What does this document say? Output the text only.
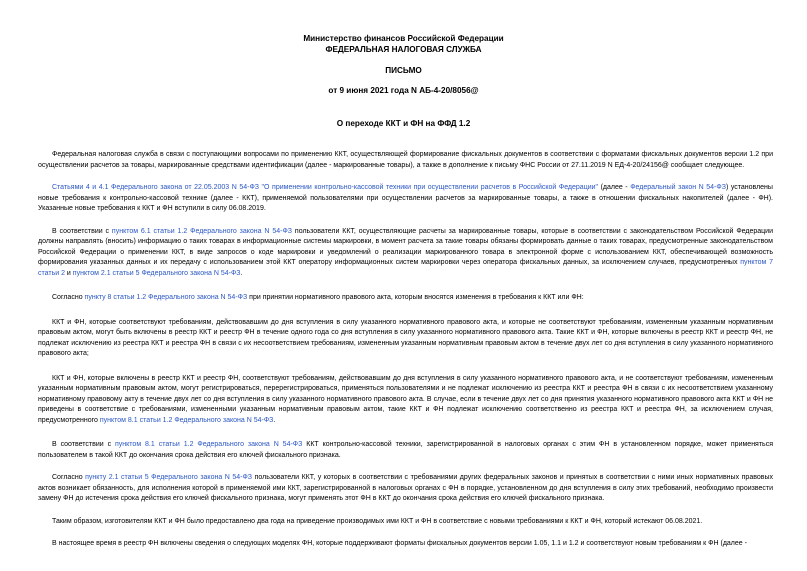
Министерство финансов Российской Федерации
ФЕДЕРАЛЬНАЯ НАЛОГОВАЯ СЛУЖБА
ПИСЬМО
от 9 июня 2021 года N АБ-4-20/8056@
О переходе ККТ и ФН на ФФД 1.2

Федеральная налоговая служба в связи с поступающими вопросами по применению ККТ, осуществляющей формирование фискальных документов в соответствии с форматами фискальных документов версии 1.2 при осуществлении расчетов за товары, маркированные средствами идентификации (далее - маркированные товары), а также в дополнение к письму ФНС России от 27.11.2019 N ЕД-4-20/24156@ сообщает следующее.

Статьями 4 и 4.1 Федерального закона от 22.05.2003 N 54-ФЗ "О применении контрольно-кассовой техники при осуществлении расчетов в Российской Федерации" (далее - Федеральный закон N 54-ФЗ) установлены новые требования к контрольно-кассовой технике (далее - ККТ), применяемой пользователями при осуществлении расчетов за маркированные товары, а также в отношении фискальных накопителей (далее - ФН). Указанные новые требования к ККТ и ФН вступили в силу 06.08.2019.

В соответствии с пунктом 6.1 статьи 1.2 Федерального закона N 54-ФЗ пользователи ККТ, осуществляющие расчеты за маркированные товары, которые в соответствии с законодательством Российской Федерации должны направлять (вносить) информацию о таких товарах в информационные системы маркировки, в момент расчета за такие товары обязаны формировать данные о таких товарах, предусмотренные законодательством Российской Федерации о применении ККТ, в виде запросов о коде маркировки и уведомлений о реализации маркированного товара в электронной форме с использованием ККТ, обеспечивающей возможность формирования указанных данных и их передачу с использованием этой ККТ оператору информационных систем маркировки через оператора фискальных данных, за исключением случаев, предусмотренных пунктом 7 статьи 2 и пунктом 2.1 статьи 5 Федерального закона N 54-ФЗ.

Согласно пункту 8 статьи 1.2 Федерального закона N 54-ФЗ при принятии нормативного правового акта, которым вносятся изменения в требования к ККТ или ФН:

ККТ и ФН, которые соответствуют требованиям, действовавшим до дня вступления в силу указанного нормативного правового акта, и которые не соответствуют требованиям, измененным указанным нормативным правовым актом, могут быть включены в реестр ККТ и реестр ФН в течение одного года со дня вступления в силу указанного нормативного правового акта. Такие ККТ и ФН, которые включены в реестр ККТ и реестр ФН, не подлежат исключению из реестра ККТ и реестра ФН в связи с их несоответствием требованиям, измененным указанным нормативным правовым актом в течение двух лет со дня вступления в силу указанного нормативного правового акта;

ККТ и ФН, которые включены в реестр ККТ и реестр ФН, соответствуют требованиям, действовавшим до дня вступления в силу указанного нормативного правового акта, и не соответствуют требованиям, измененным указанным нормативным правовым актом, могут регистрироваться, перерегистрироваться, применяться пользователями и не подлежат исключению из реестра ККТ и реестра ФН в связи с их несоответствием указанному нормативному правовому акту в течение двух лет со дня вступления в силу указанного нормативного правового акта. В случае, если в течение двух лет со дня принятия указанного нормативного правового акта ККТ и ФН не приведены в соответствие с требованиями, измененными указанным нормативным правовым актом, такие ККТ и ФН подлежат исключению соответственно из реестра ККТ и реестра ФН, за исключением случая, предусмотренного пунктом 8.1 статьи 1.2 Федерального закона N 54-ФЗ.

В соответствии с пунктом 8.1 статьи 1.2 Федерального закона N 54-ФЗ ККТ контрольно-кассовой техники, зарегистрированной в налоговых органах с этим ФН в установленном порядке, может применяться пользователем в такой ККТ до окончания срока действия его ключей фискального признака.

Согласно пункту 2.1 статьи 5 Федерального закона N 54-ФЗ пользователи ККТ, у которых в соответствии с требованиями других федеральных законов и принятых в соответствии с ними иных нормативных правовых актов возникает обязанность, для исполнения которой в применяемой ими ККТ, зарегистрированной в налоговых органах с ФН в порядке, установленном до дня вступления в силу этих требований, необходимо произвести замену ФН до истечения срока действия его ключей фискального признака, могут применять этот ФН в ККТ до окончания срока действия его ключей фискального признака.

Таким образом, изготовителям ККТ и ФН было предоставлено два года на приведение производимых ими ККТ и ФН в соответствие с новыми требованиями к ККТ и ФН, который истекают 06.08.2021.

В настоящее время в реестр ФН включены сведения о следующих моделях ФН, которые поддерживают форматы фискальных документов версии 1.05, 1.1 и 1.2 и соответствуют новым требованиям к ФН (далее -
